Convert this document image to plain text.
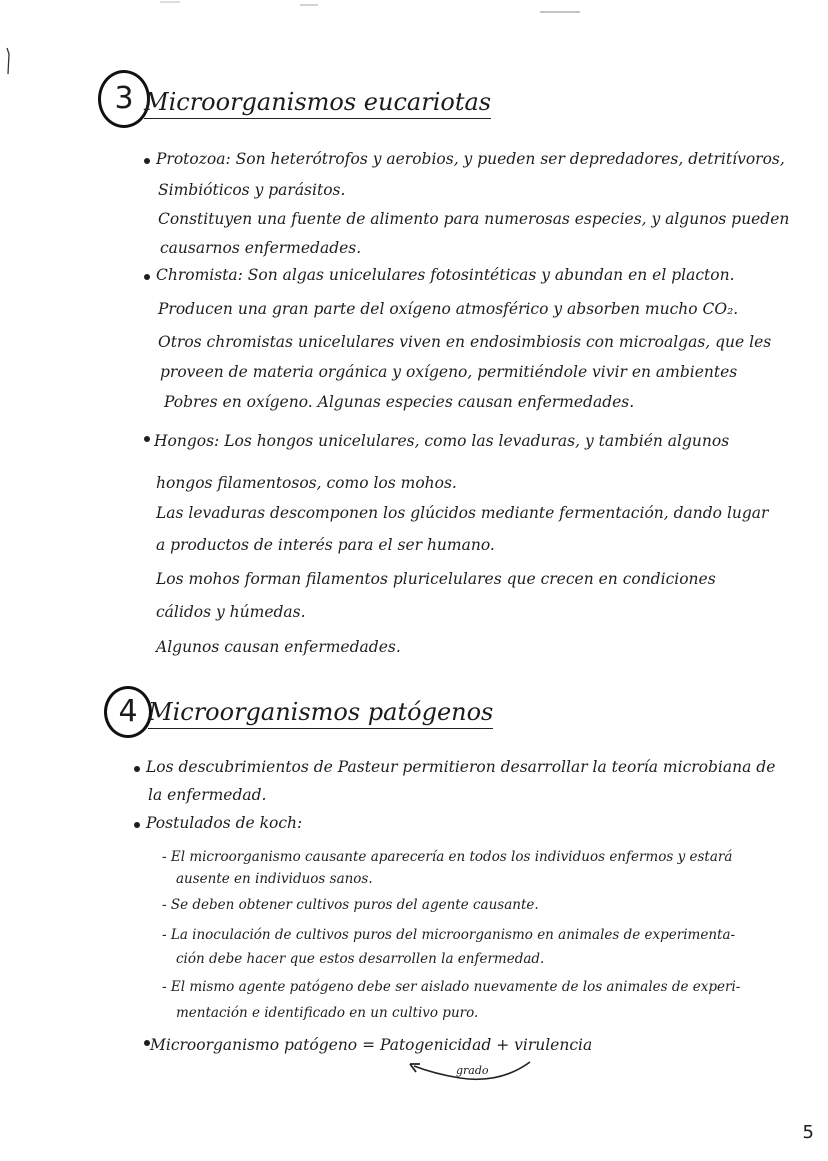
3 Microorganismos eucariotas
Protozoa: Son heterótrofos y aerobios, y pueden ser depredadores, detritívoros,
Simbióticos y parásitos.
Constituyen una fuente de alimento para numerosas especies, y algunos pueden
causarnos enfermedades.
Chromista: Son algas unicelulares fotosintéticas y abundan en el placton.
Producen una gran parte del oxígeno atmosférico y absorben mucho CO₂.
Otros chromistas unicelulares viven en endosimbiosis con microalgas, que les
proveen de materia orgánica y oxígeno, permitiéndole vivir en ambientes
Pobres en oxígeno. Algunas especies causan enfermedades.
Hongos: Los hongos unicelulares, como las levaduras, y también algunos
hongos filamentosos, como los mohos.
Las levaduras descomponen los glúcidos mediante fermentación, dando lugar
a productos de interés para el ser humano.
Los mohos forman filamentos pluricelulares que crecen en condiciones
cálidos y húmedas.
Algunos causan enfermedades.
4 Microorganismos patógenos
Los descubrimientos de Pasteur permitieron desarrollar la teoría microbiana de
la enfermedad.
Postulados de koch:
- El microorganismo causante aparecería en todos los individuos enfermos y estará
ausente en individuos sanos.
- Se deben obtener cultivos puros del agente causante.
- La inoculación de cultivos puros del microorganismo en animales de experimenta-
ción debe hacer que estos desarrollen la enfermedad.
- El mismo agente patógeno debe ser aislado nuevamente de los animales de experi-
mentación e identificado en un cultivo puro.
Microorganismo patógeno = Patogenicidad + virulencia
grado
5
